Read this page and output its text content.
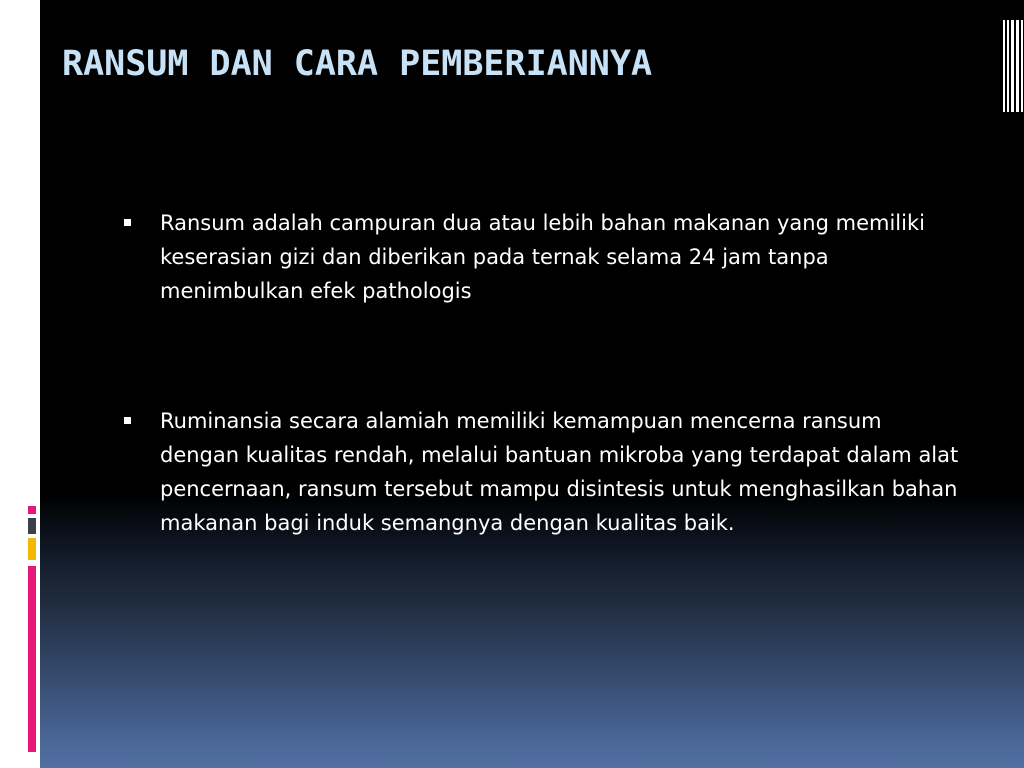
RANSUM DAN CARA PEMBERIANNYA
Ransum adalah campuran dua atau lebih bahan makanan yang memiliki keserasian gizi dan diberikan pada ternak selama 24 jam tanpa menimbulkan efek pathologis
Ruminansia secara alamiah memiliki kemampuan mencerna ransum dengan kualitas rendah, melalui bantuan mikroba yang terdapat dalam alat pencernaan, ransum tersebut mampu disintesis untuk menghasilkan bahan makanan bagi induk semangnya dengan kualitas baik.
